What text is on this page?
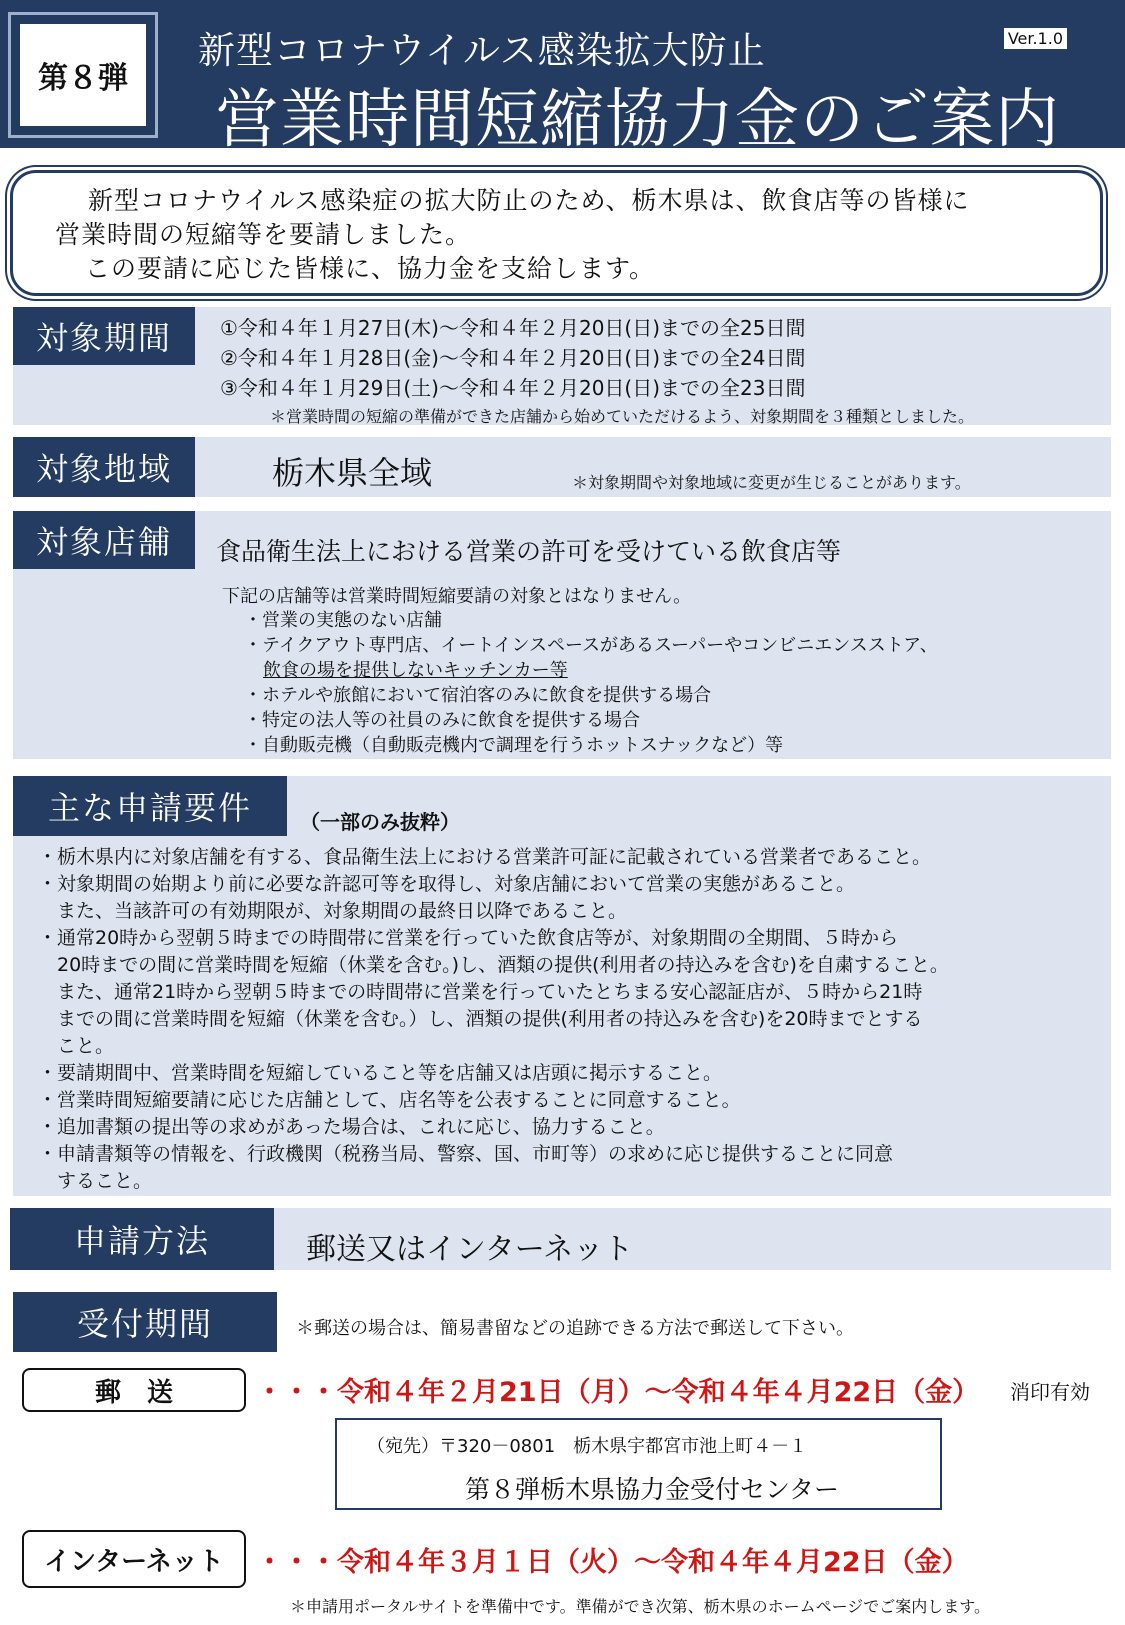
第８弾
新型コロナウイルス感染拡大防止
営業時間短縮協力金のご案内
Ver.1.0

新型コロナウイルス感染症の拡大防止のため、栃木県は、飲食店等の皆様に

営業時間の短縮等を要請しました。

この要請に応じた皆様に、協力金を支給します。

対象期間	①令和４年１月27日(木)～令和４年２月20日(日)までの全25日間
②令和４年１月28日(金)～令和４年２月20日(日)までの全24日間
③令和４年１月29日(土)～令和４年２月20日(日)までの全23日間
＊営業時間の短縮の準備ができた店舗から始めていただけるよう、対象期間を３種類としました。
対象地域	栃木県全域	＊対象期間や対象地域に変更が生じることがあります。
対象店舗	食品衛生法上における営業の許可を受けている飲食店等
下記の店舗等は営業時間短縮要請の対象とはなりません。
・営業の実態のない店舗
・テイクアウト専門店、イートインスペースがあるスーパーやコンビニエンスストア、
飲食の場を提供しないキッチンカー等
・ホテルや旅館において宿泊客のみに飲食を提供する場合
・特定の法人等の社員のみに飲食を提供する場合
・自動販売機（自動販売機内で調理を行うホットスナックなど）等
主な申請要件	（一部のみ抜粋）
・栃木県内に対象店舗を有する、食品衛生法上における営業許可証に記載されている営業者であること。
・対象期間の始期より前に必要な許認可等を取得し、対象店舗において営業の実態があること。
また、当該許可の有効期限が、対象期間の最終日以降であること。
・通常20時から翌朝５時までの時間帯に営業を行っていた飲食店等が、対象期間の全期間、５時から
20時までの間に営業時間を短縮（休業を含む。)し、酒類の提供(利用者の持込みを含む)を自粛すること。
また、通常21時から翌朝５時までの時間帯に営業を行っていたとちまる安心認証店が、５時から21時
までの間に営業時間を短縮（休業を含む。）し、酒類の提供(利用者の持込みを含む)を20時までとする
こと。
・要請期間中、営業時間を短縮していること等を店舗又は店頭に掲示すること。
・営業時間短縮要請に応じた店舗として、店名等を公表することに同意すること。
・追加書類の提出等の求めがあった場合は、これに応じ、協力すること。
・申請書類等の情報を、行政機関（税務当局、警察、国、市町等）の求めに応じ提供することに同意
すること。
申請方法	郵送又はインターネット
受付期間	＊郵送の場合は、簡易書留などの追跡できる方法で郵送して下さい。
郵　送	・・・令和４年２月21日（月）～令和４年４月22日（金） 消印有効
（宛先）〒320－0801　栃木県宇都宮市池上町４－１
第８弾栃木県協力金受付センター
インターネット	・・・令和４年３月１日（火）～令和４年４月22日（金）
＊申請用ポータルサイトを準備中です。準備ができ次第、栃木県のホームページでご案内します。
